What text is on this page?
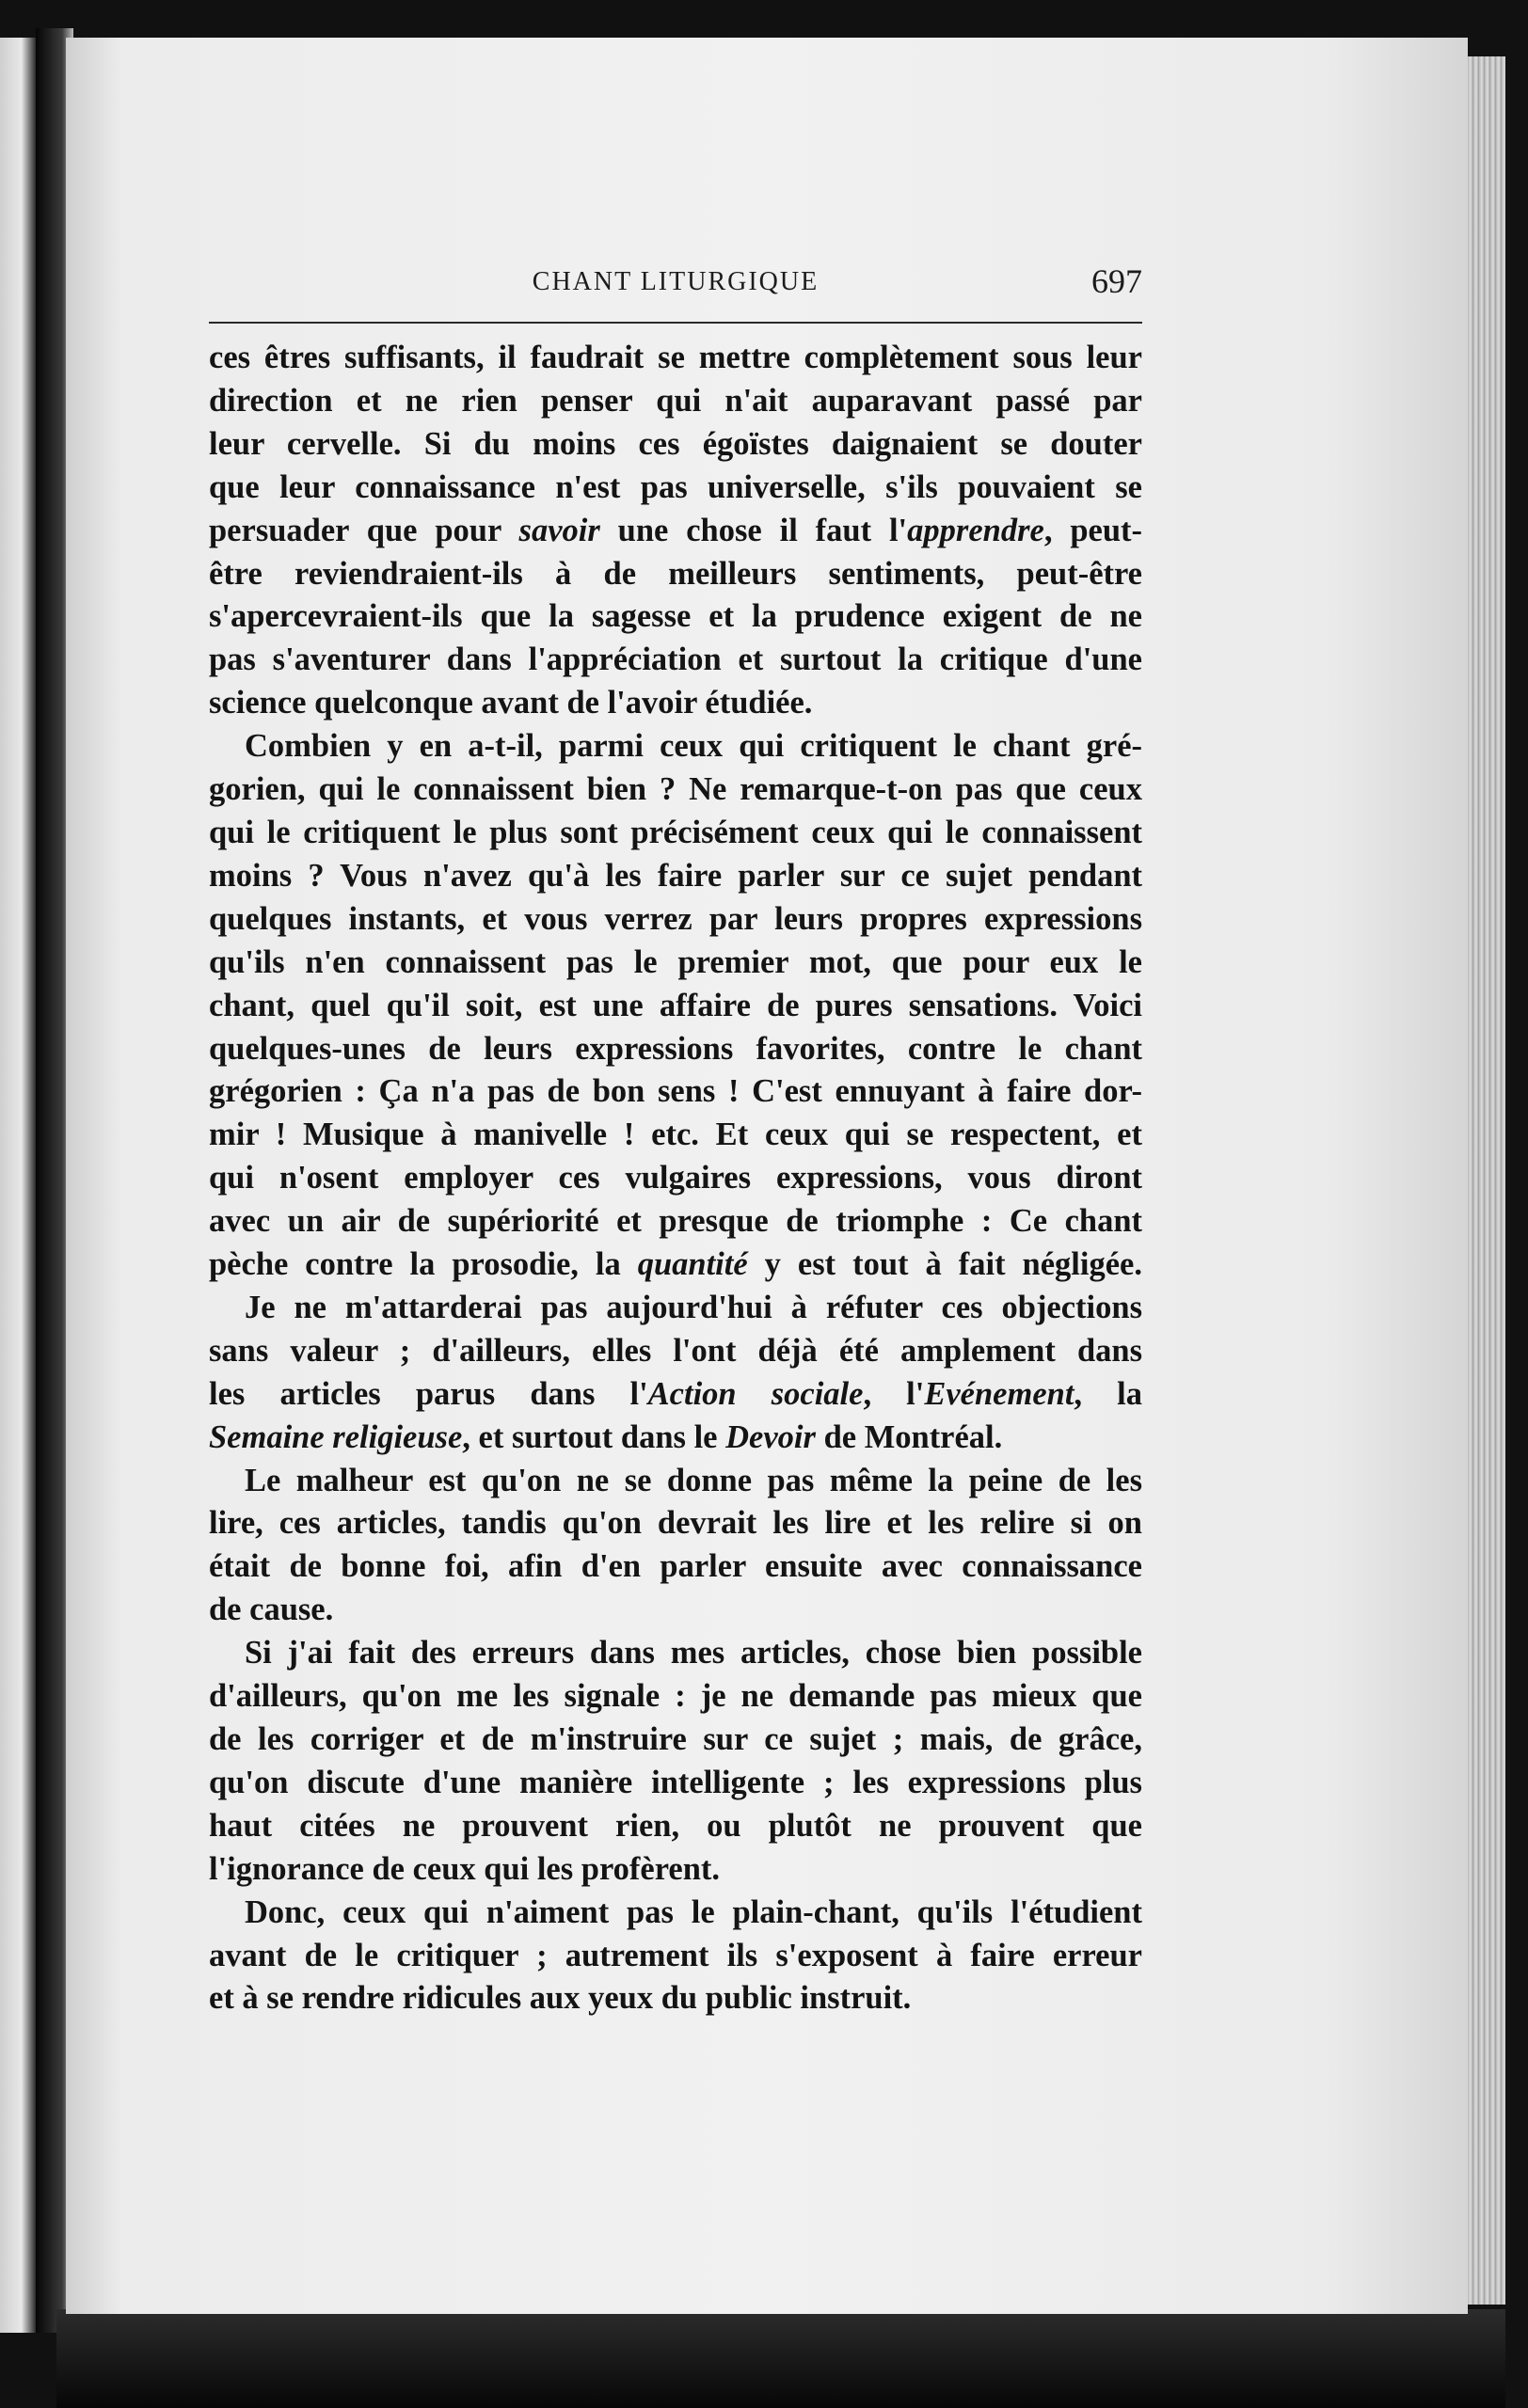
CHANT LITURGIQUE	697
ces êtres suffisants, il faudrait se mettre complètement sous leur
direction et ne rien penser qui n'ait auparavant passé par
leur cervelle. Si du moins ces égoïstes daignaient se douter
que leur connaissance n'est pas universelle, s'ils pouvaient se
persuader que pour savoir une chose il faut l'apprendre, peut-
être reviendraient-ils à de meilleurs sentiments, peut-être
s'apercevraient-ils que la sagesse et la prudence exigent de ne
pas s'aventurer dans l'appréciation et surtout la critique d'une
science quelconque avant de l'avoir étudiée.
Combien y en a-t-il, parmi ceux qui critiquent le chant gré-
gorien, qui le connaissent bien ? Ne remarque-t-on pas que ceux
qui le critiquent le plus sont précisément ceux qui le connaissent
moins ? Vous n'avez qu'à les faire parler sur ce sujet pendant
quelques instants, et vous verrez par leurs propres expressions
qu'ils n'en connaissent pas le premier mot, que pour eux le
chant, quel qu'il soit, est une affaire de pures sensations. Voici
quelques-unes de leurs expressions favorites, contre le chant
grégorien : Ça n'a pas de bon sens ! C'est ennuyant à faire dor-
mir ! Musique à manivelle ! etc. Et ceux qui se respectent, et
qui n'osent employer ces vulgaires expressions, vous diront
avec un air de supériorité et presque de triomphe : Ce chant
pèche contre la prosodie, la quantité y est tout à fait négligée.
Je ne m'attarderai pas aujourd'hui à réfuter ces objections
sans valeur ; d'ailleurs, elles l'ont déjà été amplement dans
les articles parus dans l'Action sociale, l'Evénement, la
Semaine religieuse, et surtout dans le Devoir de Montréal.
Le malheur est qu'on ne se donne pas même la peine de les
lire, ces articles, tandis qu'on devrait les lire et les relire si on
était de bonne foi, afin d'en parler ensuite avec connaissance
de cause.
Si j'ai fait des erreurs dans mes articles, chose bien possible
d'ailleurs, qu'on me les signale : je ne demande pas mieux que
de les corriger et de m'instruire sur ce sujet ; mais, de grâce,
qu'on discute d'une manière intelligente ; les expressions plus
haut citées ne prouvent rien, ou plutôt ne prouvent que
l'ignorance de ceux qui les profèrent.
Donc, ceux qui n'aiment pas le plain-chant, qu'ils l'étudient
avant de le critiquer ; autrement ils s'exposent à faire erreur
et à se rendre ridicules aux yeux du public instruit.
